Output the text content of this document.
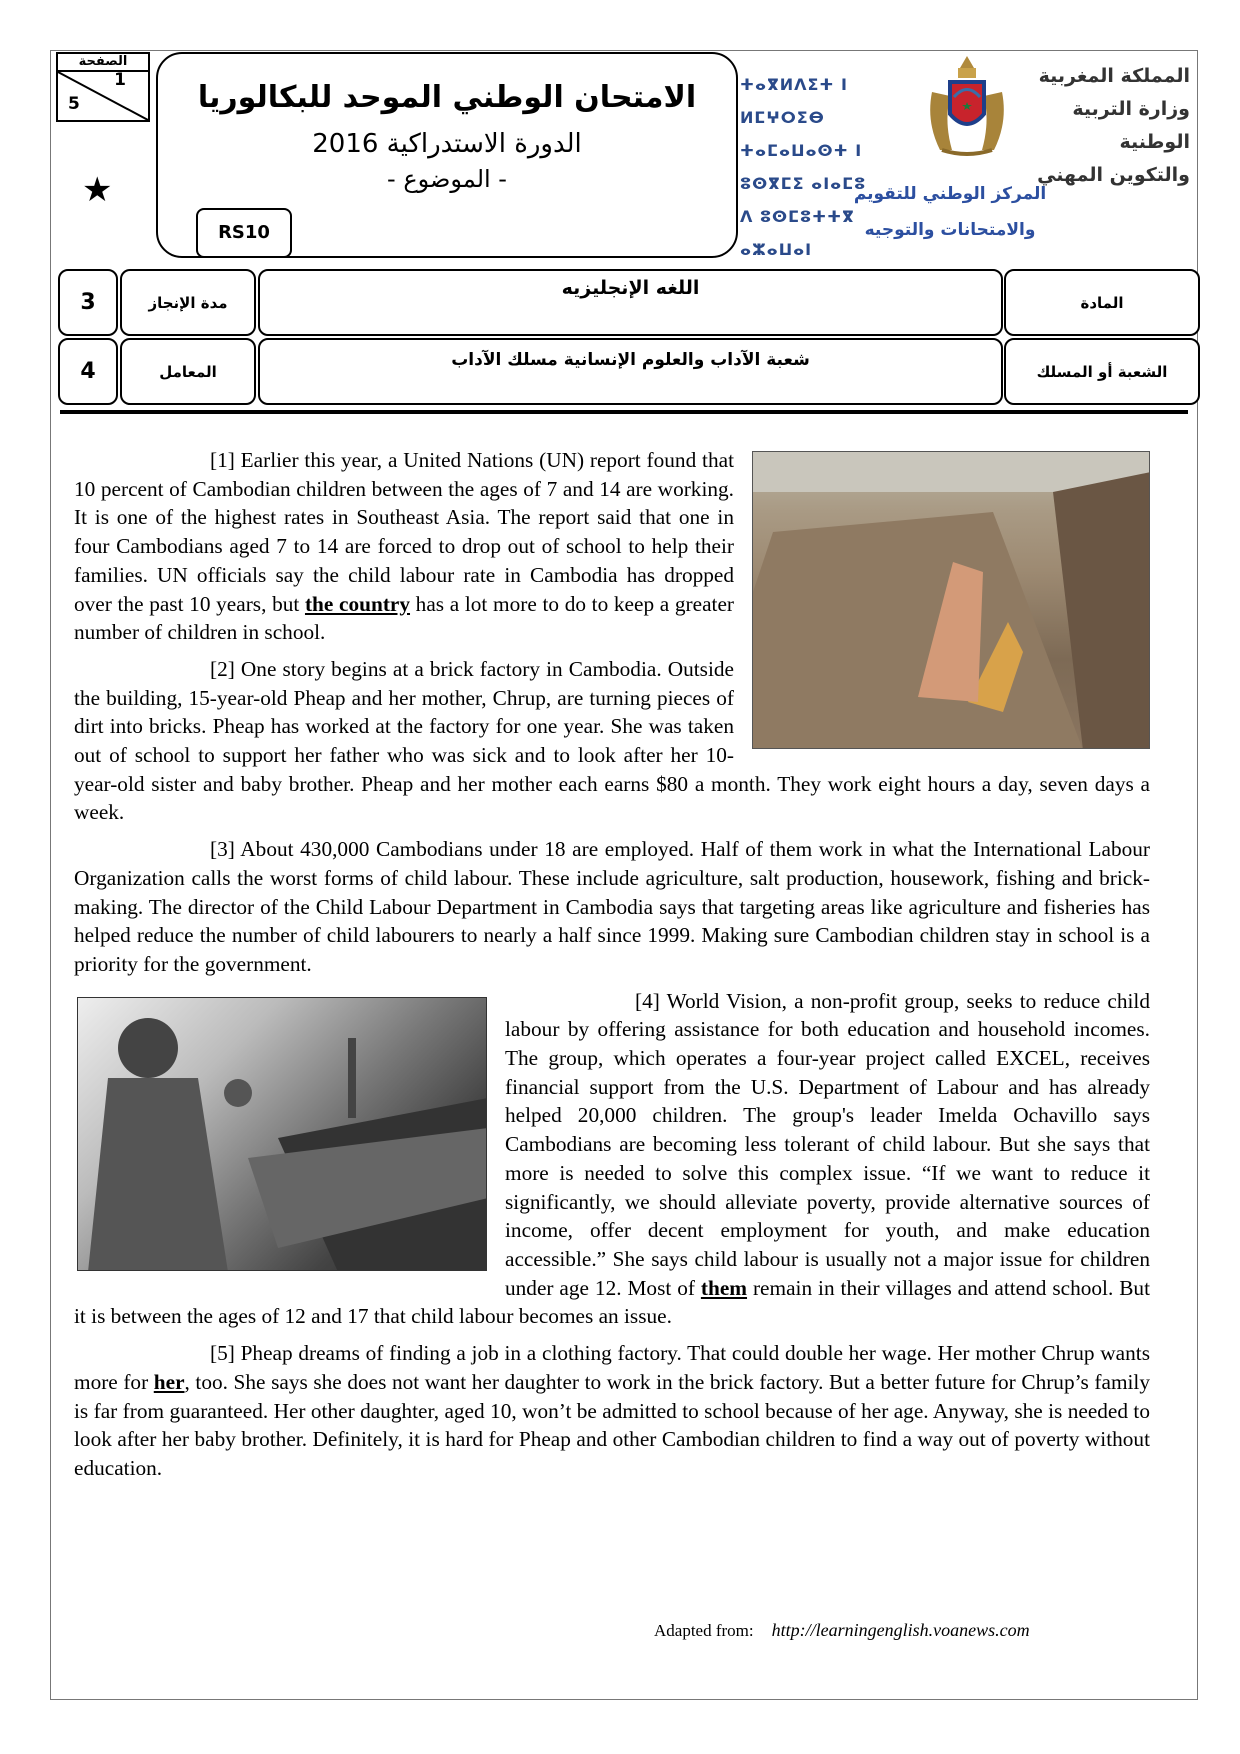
الصفحة
1
5
★
الامتحان الوطني الموحد للبكالوريا
الدورة الاستدراكية 2016
- الموضوع -
RS10
ⵜⴰⴳⵍⴷⵉⵜ ⵏ ⵍⵎⵖⵔⵉⴱ
ⵜⴰⵎⴰⵡⴰⵙⵜ ⵏ ⵓⵙⴳⵎⵉ ⴰⵏⴰⵎⵓ
ⴷ ⵓⵙⵎⵓⵜⵜⴳ ⴰⵣⴰⵡⴰⵏ
المملكة المغربية
وزارة التربية الوطنية
والتكوين المهني
المركز الوطني للتقويم
والامتحانات والتوجيه
3	مدة الإنجاز
اللغه الإنجليزيه
المادة
4	المعامل
شعبة الآداب والعلوم الإنسانية مسلك الآداب
الشعبة أو المسلك

[1] Earlier this year, a United Nations (UN) report found that 10 percent of Cambodian children between the ages of 7 and 14 are working. It is one of the highest rates in Southeast Asia. The report said that one in four Cambodians aged 7 to 14 are forced to drop out of school to help their families. UN officials say the child labour rate in Cambodia has dropped over the past 10 years, but the country has a lot more to do to keep a greater number of children in school.

[2] One story begins at a brick factory in Cambodia. Outside the building, 15-year-old Pheap and her mother, Chrup, are turning pieces of dirt into bricks. Pheap has worked at the factory for one year. She was taken out of school to support her father who was sick and to look after her 10-year-old sister and baby brother. Pheap and her mother each earns $80 a month. They work eight hours a day, seven days a week.

[3] About 430,000 Cambodians under 18 are employed. Half of them work in what the International Labour Organization calls the worst forms of child labour. These include agriculture, salt production, housework, fishing and brick-making. The director of the Child Labour Department in Cambodia says that targeting areas like agriculture and fisheries has helped reduce the number of child labourers to nearly a half since 1999. Making sure Cambodian children stay in school is a priority for the government.

[4] World Vision, a non-profit group, seeks to reduce child labour by offering assistance for both education and household incomes. The group, which operates a four-year project called EXCEL, receives financial support from the U.S. Department of Labour and has already helped 20,000 children. The group's leader Imelda Ochavillo says Cambodians are becoming less tolerant of child labour. But she says that more is needed to solve this complex issue. “If we want to reduce it significantly, we should alleviate poverty, provide alternative sources of income, offer decent employment for youth, and make education accessible.” She says child labour is usually not a major issue for children under age 12. Most of them remain in their villages and attend school. But it is between the ages of 12 and 17 that child labour becomes an issue.

[5] Pheap dreams of finding a job in a clothing factory. That could double her wage. Her mother Chrup wants more for her, too. She says she does not want her daughter to work in the brick factory. But a better future for Chrup’s family is far from guaranteed. Her other daughter, aged 10, won’t be admitted to school because of her age. Anyway, she is needed to look after her baby brother. Definitely, it is hard for Pheap and other Cambodian children to find a way out of poverty without education.

Adapted from: http://learningenglish.voanews.com
